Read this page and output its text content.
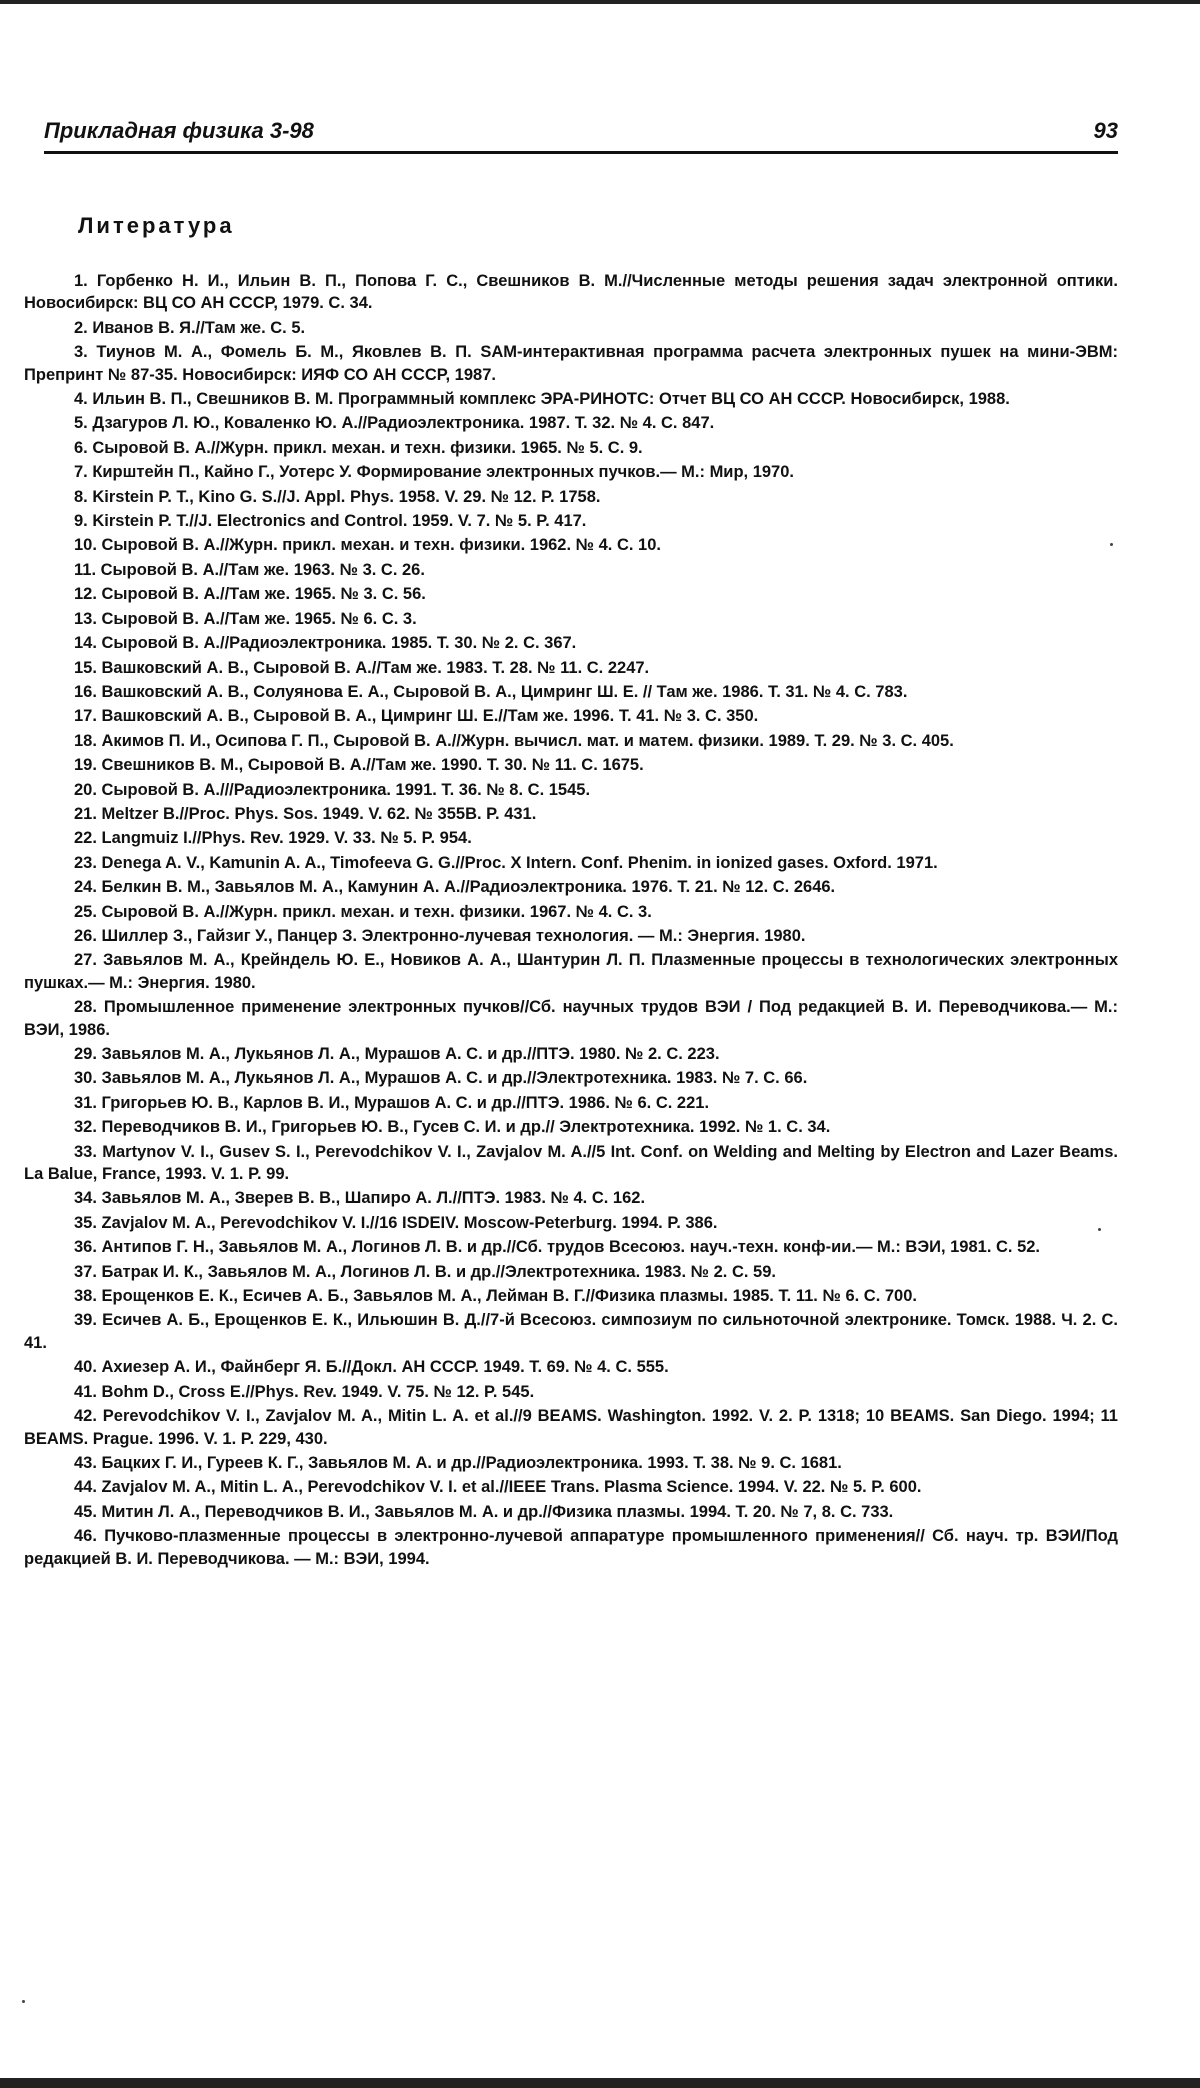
Прикладная физика 3-98	93
Литература

1. Горбенко Н. И., Ильин В. П., Попова Г. С., Свешников В. М.//Численные методы решения задач электронной оптики. Новосибирск: ВЦ СО АН СССР, 1979. С. 34.

2. Иванов В. Я.//Там же. С. 5.

3. Тиунов М. А., Фомель Б. М., Яковлев В. П. SAM-интерактивная программа расчета электронных пушек на мини-ЭВМ: Препринт № 87-35. Новосибирск: ИЯФ СО АН СССР, 1987.

4. Ильин В. П., Свешников В. М. Программный комплекс ЭРА-РИНОТС: Отчет ВЦ СО АН СССР. Новосибирск, 1988.

5. Дзагуров Л. Ю., Коваленко Ю. А.//Радиоэлектроника. 1987. Т. 32. № 4. С. 847.

6. Сыровой В. А.//Журн. прикл. механ. и техн. физики. 1965. № 5. С. 9.

7. Кирштейн П., Кайно Г., Уотерс У. Формирование электронных пучков.— М.: Мир, 1970.

8. Kirstein P. T., Kino G. S.//J. Appl. Phys. 1958. V. 29. № 12. P. 1758.

9. Kirstein P. T.//J. Electronics and Control. 1959. V. 7. № 5. P. 417.

10. Сыровой В. А.//Журн. прикл. механ. и техн. физики. 1962. № 4. С. 10.

11. Сыровой В. А.//Там же. 1963. № 3. С. 26.

12. Сыровой В. А.//Там же. 1965. № 3. С. 56.

13. Сыровой В. А.//Там же. 1965. № 6. С. 3.

14. Сыровой В. А.//Радиоэлектроника. 1985. Т. 30. № 2. С. 367.

15. Вашковский А. В., Сыровой В. А.//Там же. 1983. Т. 28. № 11. С. 2247.

16. Вашковский А. В., Солуянова Е. А., Сыровой В. А., Цимринг Ш. Е. // Там же. 1986. Т. 31. № 4. С. 783.

17. Вашковский А. В., Сыровой В. А., Цимринг Ш. Е.//Там же. 1996. Т. 41. № 3. С. 350.

18. Акимов П. И., Осипова Г. П., Сыровой В. А.//Журн. вычисл. мат. и матем. физики. 1989. Т. 29. № 3. С. 405.

19. Свешников В. М., Сыровой В. А.//Там же. 1990. Т. 30. № 11. С. 1675.

20. Сыровой В. А.///Радиоэлектроника. 1991. Т. 36. № 8. С. 1545.

21. Meltzer B.//Proc. Phys. Sos. 1949. V. 62. № 355B. P. 431.

22. Langmuiz I.//Phys. Rev. 1929. V. 33. № 5. P. 954.

23. Denega A. V., Kamunin A. A., Timofeeva G. G.//Proc. X Intern. Conf. Phenim. in ionized gases. Oxford. 1971.

24. Белкин В. М., Завьялов М. А., Камунин А. А.//Радиоэлектроника. 1976. Т. 21. № 12. С. 2646.

25. Сыровой В. А.//Журн. прикл. механ. и техн. физики. 1967. № 4. С. 3.

26. Шиллер З., Гайзиг У., Панцер З. Электронно-лучевая технология. — М.: Энергия. 1980.

27. Завьялов М. А., Крейндель Ю. Е., Новиков А. А., Шантурин Л. П. Плазменные процессы в технологических электронных пушках.— М.: Энергия. 1980.

28. Промышленное применение электронных пучков//Сб. научных трудов ВЭИ / Под редакцией В. И. Переводчикова.— М.: ВЭИ, 1986.

29. Завьялов М. А., Лукьянов Л. А., Мурашов А. С. и др.//ПТЭ. 1980. № 2. С. 223.

30. Завьялов М. А., Лукьянов Л. А., Мурашов А. С. и др.//Электротехника. 1983. № 7. С. 66.

31. Григорьев Ю. В., Карлов В. И., Мурашов А. С. и др.//ПТЭ. 1986. № 6. С. 221.

32. Переводчиков В. И., Григорьев Ю. В., Гусев С. И. и др.// Электротехника. 1992. № 1. С. 34.

33. Martynov V. I., Gusev S. I., Perevodchikov V. I., Zavjalov M. A.//5 Int. Conf. on Welding and Melting by Electron and Lazer Beams. La Balue, France, 1993. V. 1. P. 99.

34. Завьялов М. А., Зверев В. В., Шапиро А. Л.//ПТЭ. 1983. № 4. С. 162.

35. Zavjalov M. A., Perevodchikov V. I.//16 ISDEIV. Moscow-Peterburg. 1994. P. 386.

36. Антипов Г. Н., Завьялов М. А., Логинов Л. В. и др.//Сб. трудов Всесоюз. науч.-техн. конф-ии.— М.: ВЭИ, 1981. С. 52.

37. Батрак И. К., Завьялов М. А., Логинов Л. В. и др.//Электротехника. 1983. № 2. С. 59.

38. Ерощенков Е. К., Есичев А. Б., Завьялов М. А., Лейман В. Г.//Физика плазмы. 1985. Т. 11. № 6. С. 700.

39. Есичев А. Б., Ерощенков Е. К., Ильюшин В. Д.//7-й Всесоюз. симпозиум по сильноточной электронике. Томск. 1988. Ч. 2. С. 41.

40. Ахиезер А. И., Файнберг Я. Б.//Докл. АН СССР. 1949. Т. 69. № 4. С. 555.

41. Bohm D., Cross E.//Phys. Rev. 1949. V. 75. № 12. P. 545.

42. Perevodchikov V. I., Zavjalov M. A., Mitin L. A. et al.//9 BEAMS. Washington. 1992. V. 2. P. 1318; 10 BEAMS. San Diego. 1994; 11 BEAMS. Prague. 1996. V. 1. P. 229, 430.

43. Бацких Г. И., Гуреев К. Г., Завьялов М. А. и др.//Радиоэлектроника. 1993. Т. 38. № 9. С. 1681.

44. Zavjalov M. A., Mitin L. A., Perevodchikov V. I. et al.//IEEE Trans. Plasma Science. 1994. V. 22. № 5. P. 600.

45. Митин Л. А., Переводчиков В. И., Завьялов М. А. и др.//Физика плазмы. 1994. Т. 20. № 7, 8. С. 733.

46. Пучково-плазменные процессы в электронно-лучевой аппаратуре промышленного применения// Сб. науч. тр. ВЭИ/Под редакцией В. И. Переводчикова. — М.: ВЭИ, 1994.
